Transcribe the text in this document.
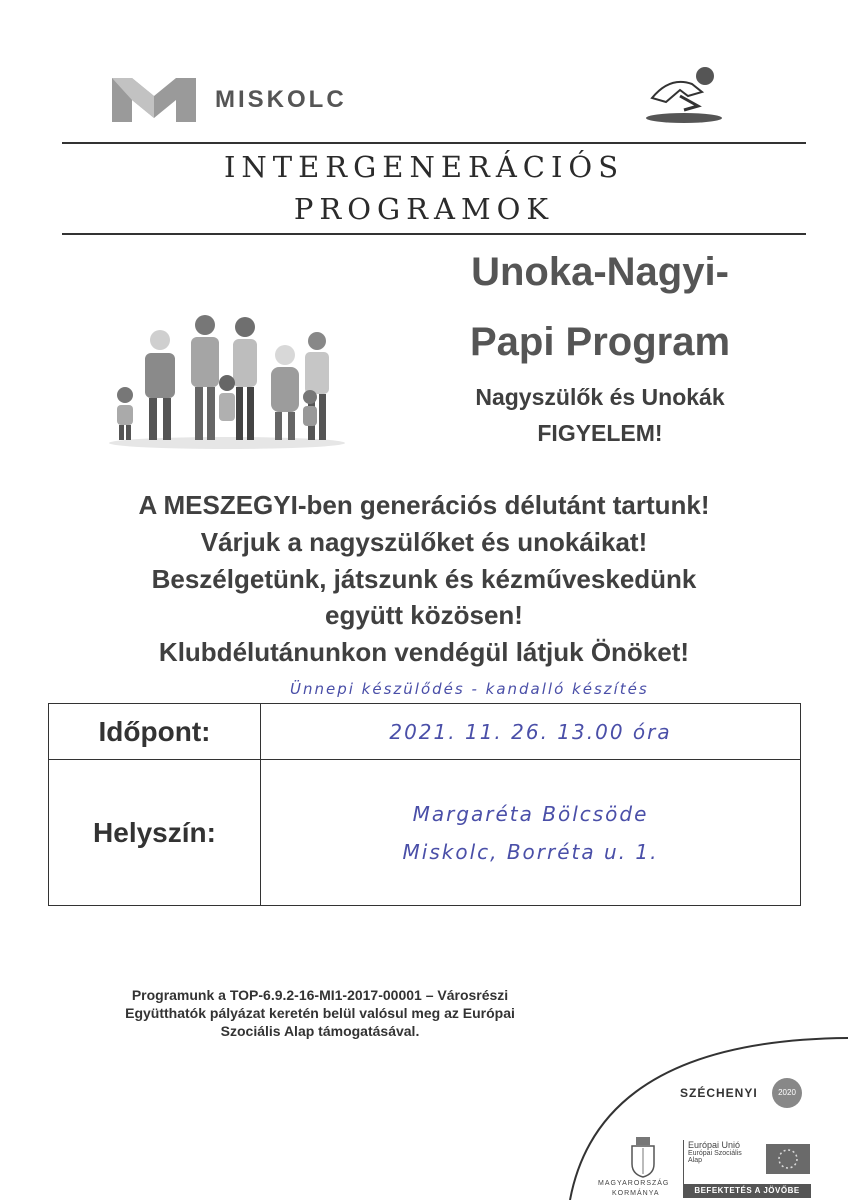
MISKOLC
INTERGENERÁCIÓS
PROGRAMOK
Unoka-Nagyi-
Papi Program
Nagyszülők és Unokák
FIGYELEM!
A MESZEGYI-ben generációs délutánt tartunk!
Várjuk a nagyszülőket és unokáikat!
Beszélgetünk, játszunk és kézműveskedünk
együtt közösen!
Klubdélutánunkon vendégül látjuk Önöket!
Ünnepi készülődés - kandalló készítés
Időpont:	2021. 11. 26. 13.00 óra
Helyszín:	Margaréta Bölcsöde
Miskolc, Borréta u. 1.
Programunk a TOP-6.9.2-16-MI1-2017-00001 – Városrészi
Együtthatók pályázat keretén belül valósul meg az Európai
Szociális Alap támogatásával.
SZÉCHENYI	2020
MAGYARORSZÁG
KORMÁNYA
Európai Unió
Európai Szociális
Alap
BEFEKTETÉS A JÖVŐBE
